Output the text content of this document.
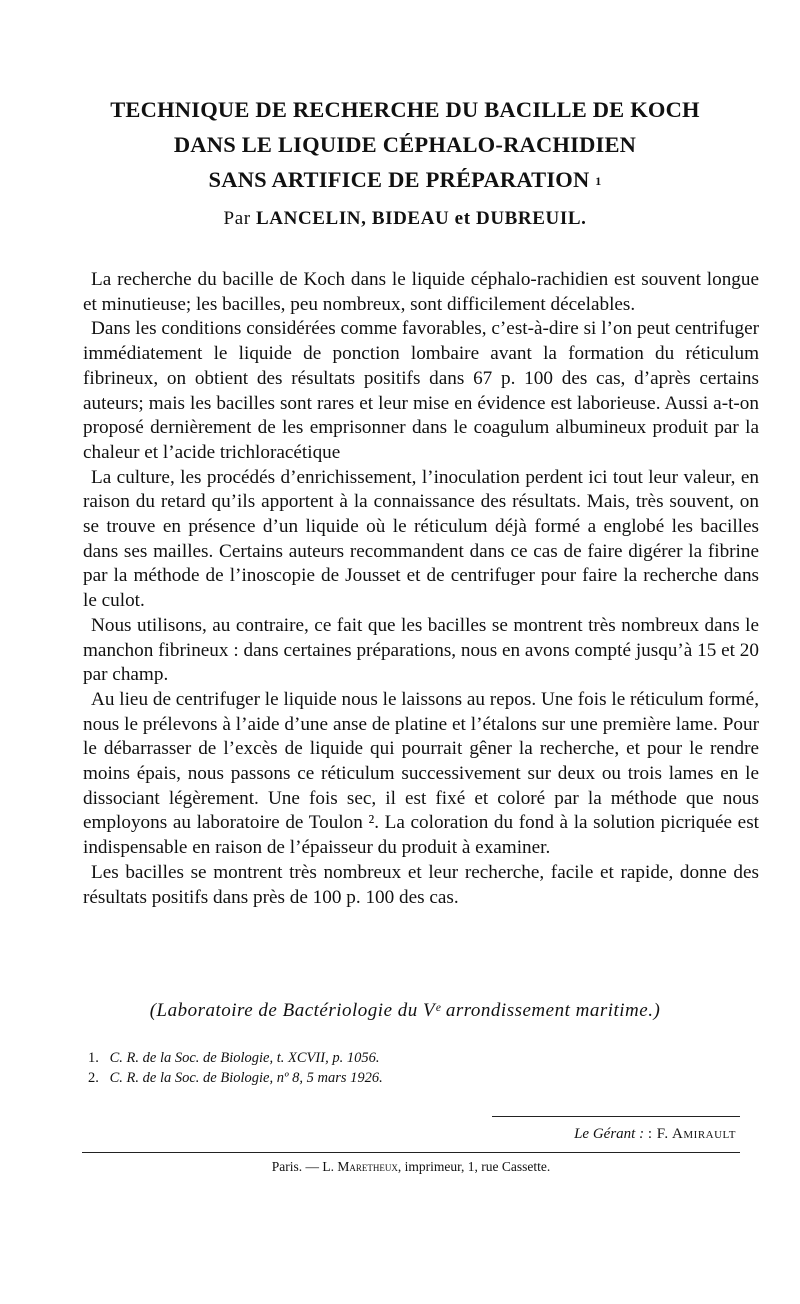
TECHNIQUE DE RECHERCHE DU BACILLE DE KOCH
DANS LE LIQUIDE CÉPHALO-RACHIDIEN
SANS ARTIFICE DE PRÉPARATION $^1$
Par LANCELIN, BIDEAU et DUBREUIL.

La recherche du bacille de Koch dans le liquide céphalo-rachidien est souvent longue et minutieuse; les bacilles, peu nombreux, sont difficilement décelables.

Dans les conditions considérées comme favorables, c’est-à-dire si l’on peut centrifuger immédiatement le liquide de ponction lombaire avant la formation du réticulum fibrineux, on obtient des résultats positifs dans 67 p. 100 des cas, d’après certains auteurs; mais les bacilles sont rares et leur mise en évidence est laborieuse. Aussi a-t-on proposé dernièrement de les emprisonner dans le coagulum albumineux produit par la chaleur et l’acide trichloracétique

La culture, les procédés d’enrichissement, l’inoculation perdent ici tout leur valeur, en raison du retard qu’ils apportent à la connaissance des résultats. Mais, très souvent, on se trouve en présence d’un liquide où le réticulum déjà formé a englobé les bacilles dans ses mailles. Certains auteurs recommandent dans ce cas de faire digérer la fibrine par la méthode de l’inoscopie de Jousset et de centrifuger pour faire la recherche dans le culot.

Nous utilisons, au contraire, ce fait que les bacilles se montrent très nombreux dans le manchon fibrineux : dans certaines préparations, nous en avons compté jusqu’à 15 et 20 par champ.

Au lieu de centrifuger le liquide nous le laissons au repos. Une fois le réticulum formé, nous le prélevons à l’aide d’une anse de platine et l’étalons sur une première lame. Pour le débarrasser de l’excès de liquide qui pourrait gêner la recherche, et pour le rendre moins épais, nous passons ce réticulum successivement sur deux ou trois lames en le dissociant légèrement. Une fois sec, il est fixé et coloré par la méthode que nous employons au laboratoire de Toulon ². La coloration du fond à la solution picriquée est indispensable en raison de l’épaisseur du produit à examiner.

Les bacilles se montrent très nombreux et leur recherche, facile et rapide, donne des résultats positifs dans près de 100 p. 100 des cas.

(Laboratoire de Bactériologie du Vᵉ arrondissement maritime.)
1. C. R. de la Soc. de Biologie, t. XCVII, p. 1056.
2. C. R. de la Soc. de Biologie, nº 8, 5 mars 1926.
Le Gérant : : F. Amirault
Paris. — L. Maretheux, imprimeur, 1, rue Cassette.
